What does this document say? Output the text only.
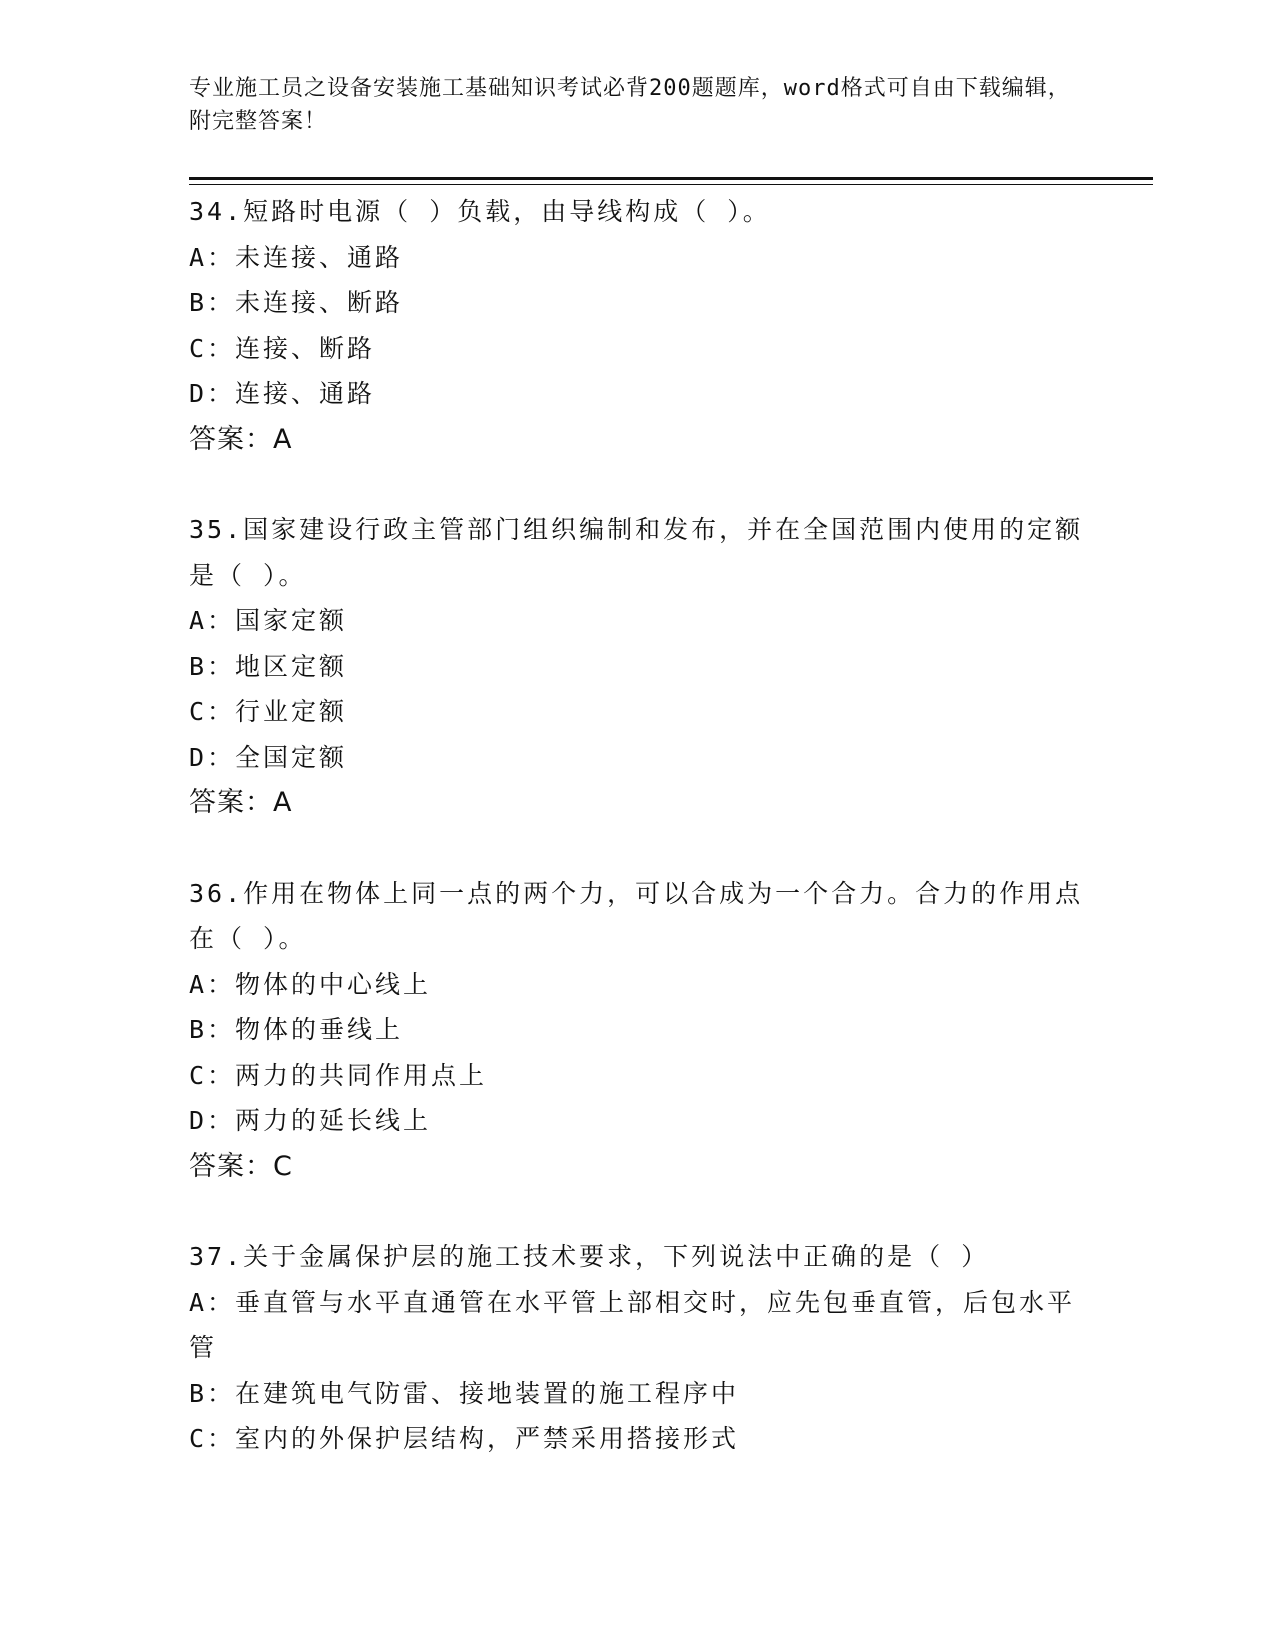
专业施工员之设备安装施工基础知识考试必背200题题库，word格式可自由下载编辑，附完整答案！

34.短路时电源（ ）负载，由导线构成（ ）。

A：未连接、通路

B：未连接、断路

C：连接、断路

D：连接、通路

答案：A

35.国家建设行政主管部门组织编制和发布，并在全国范围内使用的定额是（ ）。

A：国家定额

B：地区定额

C：行业定额

D：全国定额

答案：A

36.作用在物体上同一点的两个力，可以合成为一个合力。合力的作用点在（ ）。

A：物体的中心线上

B：物体的垂线上

C：两力的共同作用点上

D：两力的延长线上

答案：C

37.关于金属保护层的施工技术要求，下列说法中正确的是（ ）

A：垂直管与水平直通管在水平管上部相交时，应先包垂直管，后包水平管

B：在建筑电气防雷、接地装置的施工程序中

C：室内的外保护层结构，严禁采用搭接形式
